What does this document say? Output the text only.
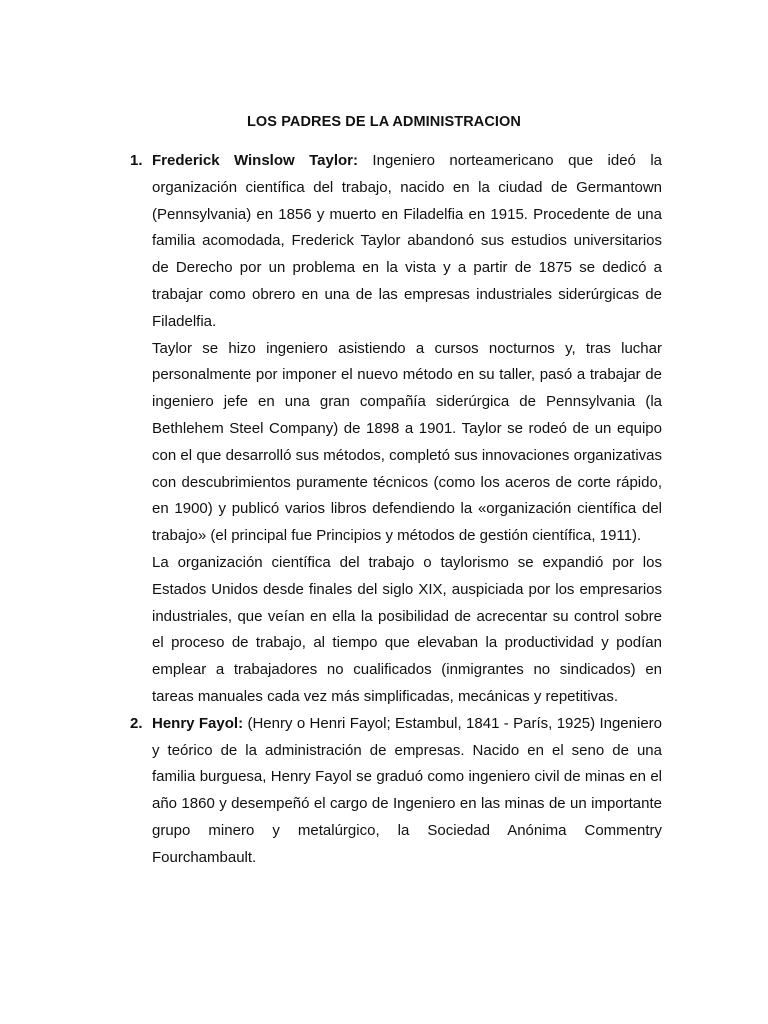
LOS PADRES DE LA ADMINISTRACION
1. Frederick Winslow Taylor: Ingeniero norteamericano que ideó la organización científica del trabajo, nacido en la ciudad de Germantown (Pennsylvania) en 1856 y muerto en Filadelfia en 1915. Procedente de una familia acomodada, Frederick Taylor abandonó sus estudios universitarios de Derecho por un problema en la vista y a partir de 1875 se dedicó a trabajar como obrero en una de las empresas industriales siderúrgicas de Filadelfia.

Taylor se hizo ingeniero asistiendo a cursos nocturnos y, tras luchar personalmente por imponer el nuevo método en su taller, pasó a trabajar de ingeniero jefe en una gran compañía siderúrgica de Pennsylvania (la Bethlehem Steel Company) de 1898 a 1901. Taylor se rodeó de un equipo con el que desarrolló sus métodos, completó sus innovaciones organizativas con descubrimientos puramente técnicos (como los aceros de corte rápido, en 1900) y publicó varios libros defendiendo la «organización científica del trabajo» (el principal fue Principios y métodos de gestión científica, 1911).

La organización científica del trabajo o taylorismo se expandió por los Estados Unidos desde finales del siglo XIX, auspiciada por los empresarios industriales, que veían en ella la posibilidad de acrecentar su control sobre el proceso de trabajo, al tiempo que elevaban la productividad y podían emplear a trabajadores no cualificados (inmigrantes no sindicados) en tareas manuales cada vez más simplificadas, mecánicas y repetitivas.

2. Henry Fayol: (Henry o Henri Fayol; Estambul, 1841 - París, 1925) Ingeniero y teórico de la administración de empresas. Nacido en el seno de una familia burguesa, Henry Fayol se graduó como ingeniero civil de minas en el año 1860 y desempeñó el cargo de Ingeniero en las minas de un importante grupo minero y metalúrgico, la Sociedad Anónima Commentry Fourchambault.
